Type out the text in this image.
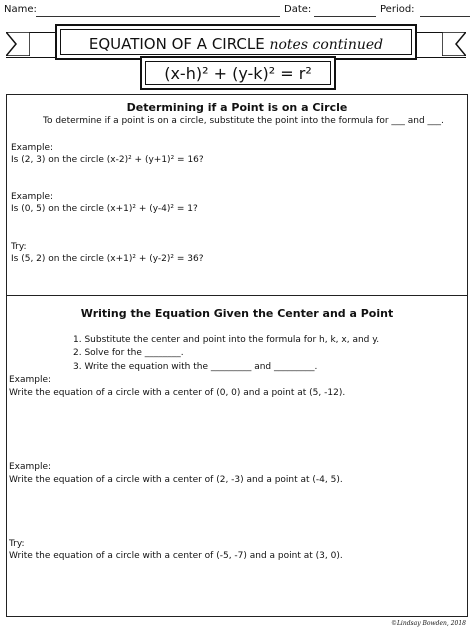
Name:	Date:	Period:
EQUATION OF A CIRCLE notes continued
(x-h)² + (y-k)² = r²
Determining if a Point is on a Circle
To determine if a point is on a circle, substitute the point into the formula for ___ and ___.
Example:
Is (2, 3) on the circle (x-2)² + (y+1)² = 16?
Example:
Is (0, 5) on the circle (x+1)² + (y-4)² = 1?
Try:
Is (5, 2) on the circle (x+1)² + (y-2)² = 36?
Writing the Equation Given the Center and a Point
1. Substitute the center and point into the formula for h, k, x, and y.
2. Solve for the ________.
3. Write the equation with the _________ and _________.
Example:
Write the equation of a circle with a center of (0, 0) and a point at (5, -12).
Example:
Write the equation of a circle with a center of (2, -3) and a point at (-4, 5).
Try:
Write the equation of a circle with a center of (-5, -7) and a point at (3, 0).
©Lindsay Bowden, 2018
